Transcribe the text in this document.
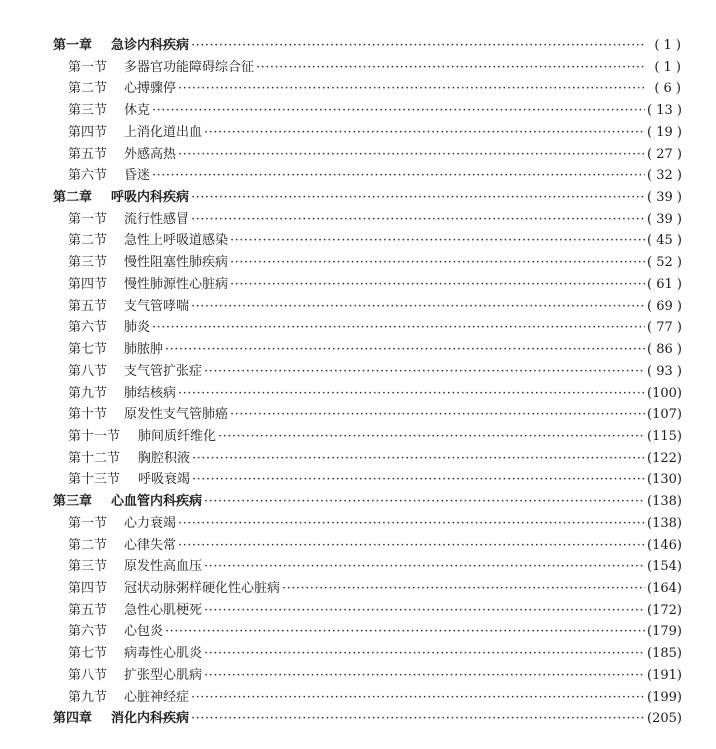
第一章	急诊内科疾病 ·····	( 1 )
第一节	多器官功能障碍综合征 ·····	( 1 )
第二节	心搏骤停 ·····	( 6 )
第三节	休克 ·····	( 13 )
第四节	上消化道出血 ·····	( 19 )
第五节	外感高热 ·····	( 27 )
第六节	昏迷 ·····	( 32 )
第二章	呼吸内科疾病 ·····	( 39 )
第一节	流行性感冒 ·····	( 39 )
第二节	急性上呼吸道感染 ·····	( 45 )
第三节	慢性阻塞性肺疾病 ·····	( 52 )
第四节	慢性肺源性心脏病 ·····	( 61 )
第五节	支气管哮喘 ·····	( 69 )
第六节	肺炎 ·····	( 77 )
第七节	肺脓肿 ·····	( 86 )
第八节	支气管扩张症 ·····	( 93 )
第九节	肺结核病 ·····	(100)
第十节	原发性支气管肺癌 ·····	(107)
第十一节	肺间质纤维化 ·····	(115)
第十二节	胸腔积液 ·····	(122)
第十三节	呼吸衰竭 ·····	(130)
第三章	心血管内科疾病 ·····	(138)
第一节	心力衰竭 ·····	(138)
第二节	心律失常 ·····	(146)
第三节	原发性高血压 ·····	(154)
第四节	冠状动脉粥样硬化性心脏病 ·····	(164)
第五节	急性心肌梗死 ·····	(172)
第六节	心包炎 ·····	(179)
第七节	病毒性心肌炎 ·····	(185)
第八节	扩张型心肌病 ·····	(191)
第九节	心脏神经症 ·····	(199)
第四章	消化内科疾病 ·····	(205)
